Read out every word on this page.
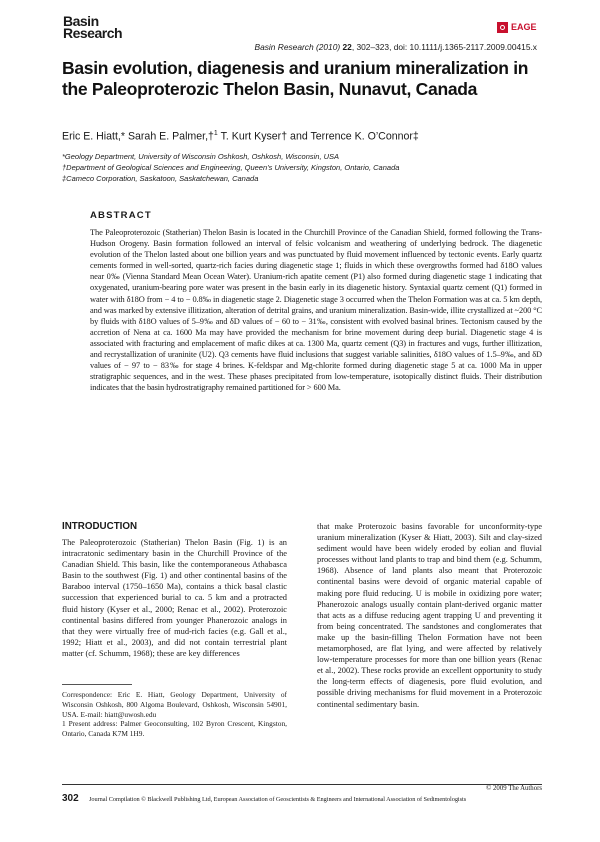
Basin
Research	EAGE
Basin Research (2010) 22, 302–323, doi: 10.1111/j.1365-2117.2009.00415.x
Basin evolution, diagenesis and uranium mineralization in the Paleoproterozic Thelon Basin, Nunavut, Canada
Eric E. Hiatt,* Sarah E. Palmer,†$^1$ T. Kurt Kyser† and Terrence K. O’Connor‡
*Geology Department, University of Wisconsin Oshkosh, Oshkosh, Wisconsin, USA
†Department of Geological Sciences and Engineering, Queen’s University, Kingston, Ontario, Canada
‡Cameco Corporation, Saskatoon, Saskatchewan, Canada
ABSTRACT

The Paleoproterozoic (Statherian) Thelon Basin is located in the Churchill Province of the Canadian Shield, formed following the Trans-Hudson Orogeny. Basin formation followed an interval of felsic volcanism and weathering of underlying bedrock. The diagenetic evolution of the Thelon lasted about one billion years and was punctuated by fluid movement influenced by tectonic events. Early quartz cements formed in well-sorted, quartz-rich facies during diagenetic stage 1; fluids in which these overgrowths formed had δ18O values near 0‰ (Vienna Standard Mean Ocean Water). Uranium-rich apatite cement (P1) also formed during diagenetic stage 1 indicating that oxygenated, uranium-bearing pore water was present in the basin early in its diagenetic history. Syntaxial quartz cement (Q1) formed in water with δ18O from − 4 to − 0.8‰ in diagenetic stage 2. Diagenetic stage 3 occurred when the Thelon Formation was at ca. 5 km depth, and was marked by extensive illitization, alteration of detrital grains, and uranium mineralization. Basin-wide, illite crystallized at ~200 °C by fluids with δ18O values of 5–9‰ and δD values of − 60 to − 31‰, consistent with evolved basinal brines. Tectonism caused by the accretion of Nena at ca. 1600 Ma may have provided the mechanism for brine movement during deep burial. Diagenetic stage 4 is associated with fracturing and emplacement of mafic dikes at ca. 1300 Ma, quartz cement (Q3) in fractures and vugs, further illitization, and recrystallization of uraninite (U2). Q3 cements have fluid inclusions that suggest variable salinities, δ18O values of 1.5–9‰, and δD values of − 97 to − 83‰ for stage 4 brines. K-feldspar and Mg-chlorite formed during diagenetic stage 5 at ca. 1000 Ma in upper stratigraphic sequences, and in the west. These phases precipitated from low-temperature, isotopically distinct fluids. Their distribution indicates that the basin hydrostratigraphy remained partitioned for > 600 Ma.

INTRODUCTION

The Paleoproterozoic (Statherian) Thelon Basin (Fig. 1) is an intracratonic sedimentary basin in the Churchill Province of the Canadian Shield. This basin, like the contemporaneous Athabasca Basin to the southwest (Fig. 1) and other continental basins of the Baraboo interval (1750–1650 Ma), contains a thick basal clastic succession that experienced burial to ca. 5 km and a protracted fluid history (Kyser et al., 2000; Renac et al., 2002). Proterozoic continental basins differed from younger Phanerozoic analogs in that they were virtually free of mud-rich facies (e.g. Gall et al., 1992; Hiatt et al., 2003), and did not contain terrestrial plant matter (cf. Schumm, 1968); these are key differences

that make Proterozoic basins favorable for unconformity-type uranium mineralization (Kyser & Hiatt, 2003). Silt and clay-sized sediment would have been widely eroded by eolian and fluvial processes without land plants to trap and bind them (e.g. Schumm, 1968). Absence of land plants also meant that Proterozoic continental basins were devoid of organic material capable of making pore fluid reducing. U is mobile in oxidizing pore water; Phanerozoic analogs usually contain plant-derived organic matter that acts as a diffuse reducing agent trapping U and preventing it from being concentrated. The sandstones and conglomerates that make up the basin-filling Thelon Formation have not been metamorphosed, are flat lying, and were affected by relatively low-temperature processes for more than one billion years (Renac et al., 2002). These rocks provide an excellent opportunity to study the long-term effects of diagenesis, pore fluid evolution, and possible driving mechanisms for fluid movement in a Proterozoic continental sedimentary basin.

Correspondence: Eric E. Hiatt, Geology Department, University of Wisconsin Oshkosh, 800 Algoma Boulevard, Oshkosh, Wisconsin 54901, USA. E-mail: hiatt@uwosh.edu
1 Present address: Palmer Geoconsulting, 102 Byron Crescent, Kingston, Ontario, Canada K7M 1H9.
© 2009 The Authors
302 Journal Compilation © Blackwell Publishing Ltd, European Association of Geoscientists & Engineers and International Association of Sedimentologists
